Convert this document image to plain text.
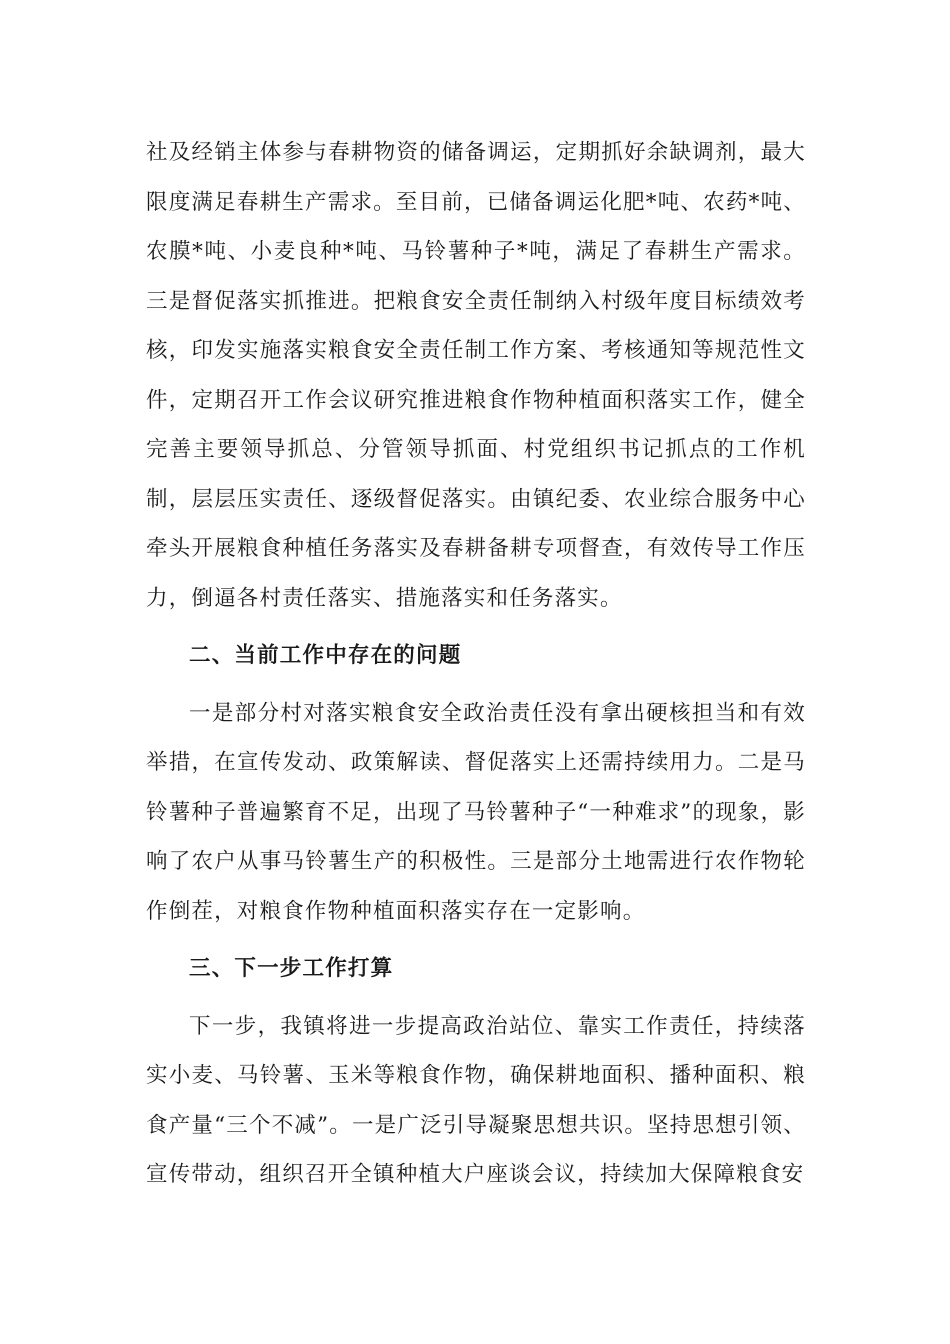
社及经销主体参与春耕物资的储备调运，定期抓好余缺调剂，最大限度满足春耕生产需求。至目前，已储备调运化肥*吨、农药*吨、农膜*吨、小麦良种*吨、马铃薯种子*吨，满足了春耕生产需求。三是督促落实抓推进。把粮食安全责任制纳入村级年度目标绩效考核，印发实施落实粮食安全责任制工作方案、考核通知等规范性文件，定期召开工作会议研究推进粮食作物种植面积落实工作，健全完善主要领导抓总、分管领导抓面、村党组织书记抓点的工作机制，层层压实责任、逐级督促落实。由镇纪委、农业综合服务中心牵头开展粮食种植任务落实及春耕备耕专项督查，有效传导工作压力，倒逼各村责任落实、措施落实和任务落实。

二、当前工作中存在的问题

一是部分村对落实粮食安全政治责任没有拿出硬核担当和有效举措，在宣传发动、政策解读、督促落实上还需持续用力。二是马铃薯种子普遍繁育不足，出现了马铃薯种子“一种难求”的现象，影响了农户从事马铃薯生产的积极性。三是部分土地需进行农作物轮作倒茬，对粮食作物种植面积落实存在一定影响。

三、下一步工作打算

下一步，我镇将进一步提高政治站位、靠实工作责任，持续落实小麦、马铃薯、玉米等粮食作物，确保耕地面积、播种面积、粮食产量“三个不减”。一是广泛引导凝聚思想共识。坚持思想引领、宣传带动，组织召开全镇种植大户座谈会议，持续加大保障粮食安
